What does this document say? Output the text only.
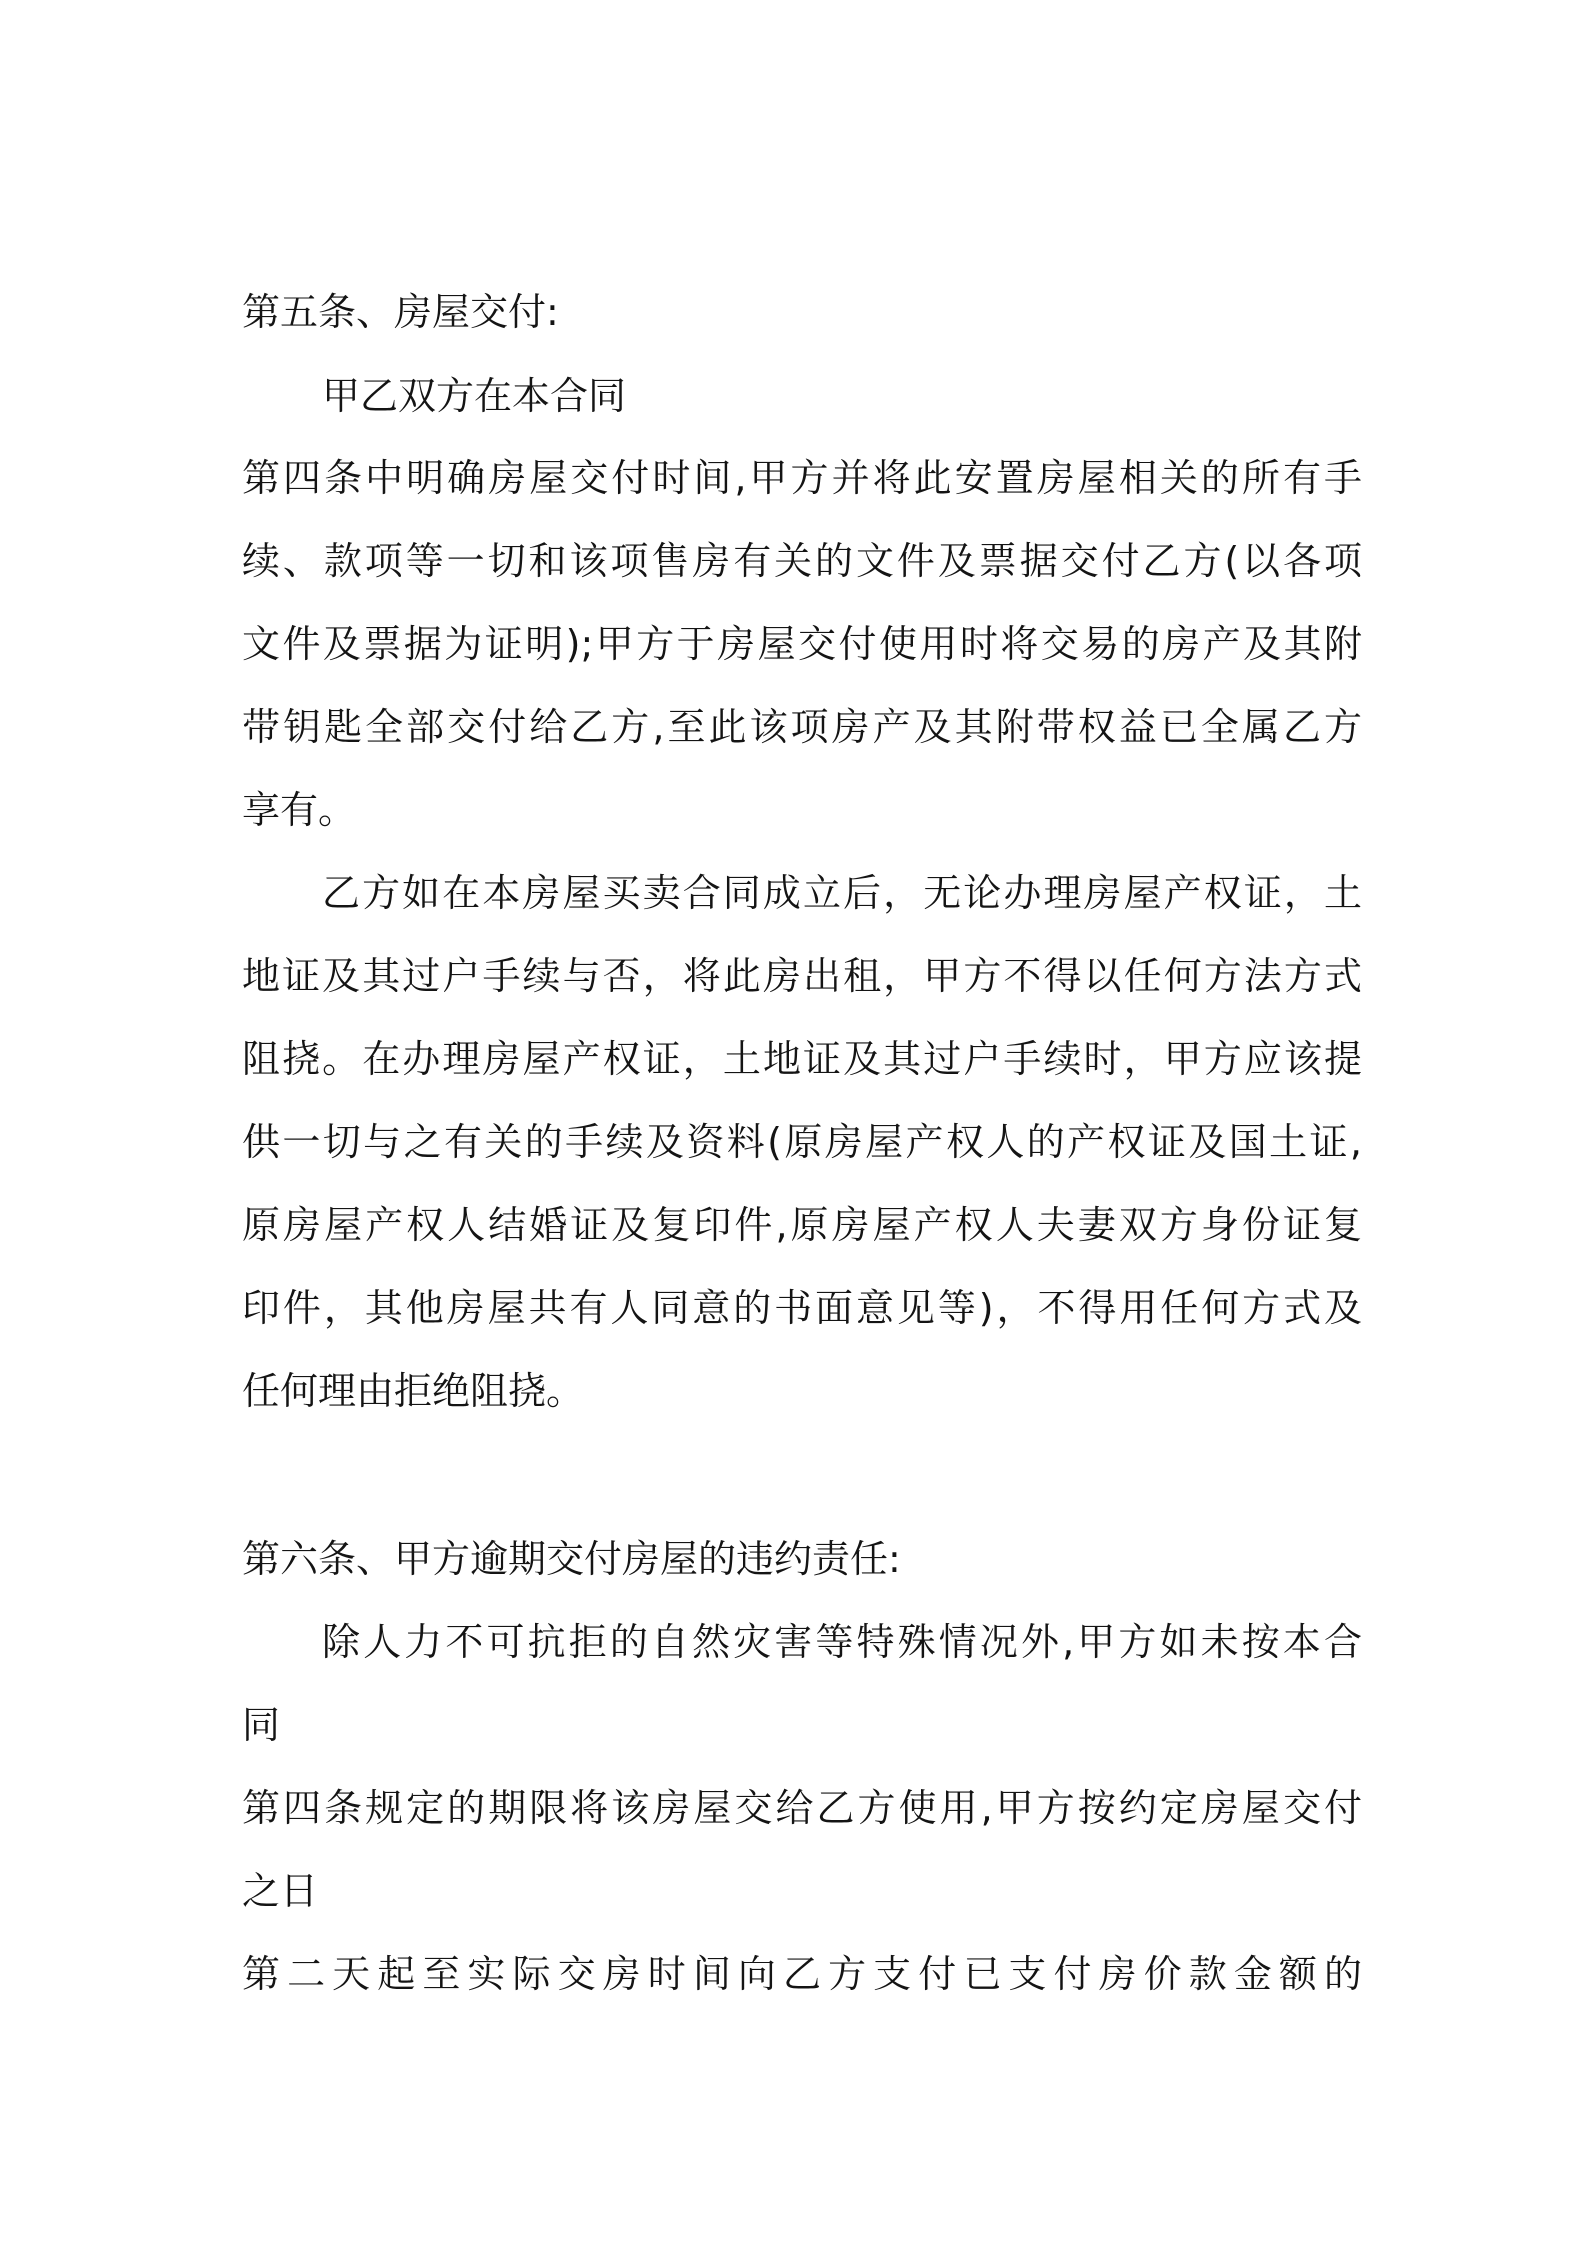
第五条、房屋交付:
甲乙双方在本合同
第四条中明确房屋交付时间,甲方并将此安置房屋相关的所有手
续、款项等一切和该项售房有关的文件及票据交付乙方(以各项
文件及票据为证明);甲方于房屋交付使用时将交易的房产及其附
带钥匙全部交付给乙方,至此该项房产及其附带权益已全属乙方
享有。
乙方如在本房屋买卖合同成立后，无论办理房屋产权证，土
地证及其过户手续与否，将此房出租，甲方不得以任何方法方式
阻挠。在办理房屋产权证，土地证及其过户手续时，甲方应该提
供一切与之有关的手续及资料(原房屋产权人的产权证及国土证,
原房屋产权人结婚证及复印件,原房屋产权人夫妻双方身份证复
印件，其他房屋共有人同意的书面意见等)，不得用任何方式及
任何理由拒绝阻挠。
第六条、甲方逾期交付房屋的违约责任:
除人力不可抗拒的自然灾害等特殊情况外,甲方如未按本合
同
第四条规定的期限将该房屋交给乙方使用,甲方按约定房屋交付
之日
第二天起至实际交房时间向乙方支付已支付房价款金额的
